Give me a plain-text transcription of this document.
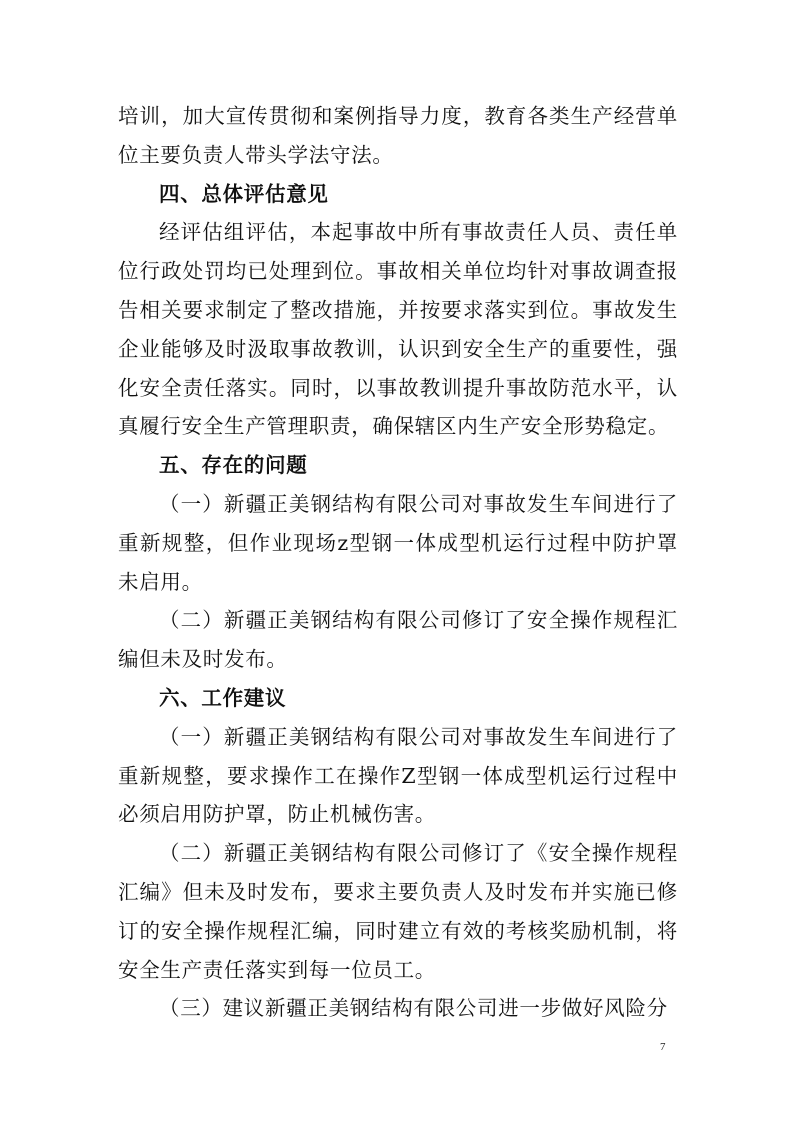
培训，加大宣传贯彻和案例指导力度，教育各类生产经营单位主要负责人带头学法守法。

四、总体评估意见

经评估组评估，本起事故中所有事故责任人员、责任单位行政处罚均已处理到位。事故相关单位均针对事故调查报告相关要求制定了整改措施，并按要求落实到位。事故发生企业能够及时汲取事故教训，认识到安全生产的重要性，强化安全责任落实。同时，以事故教训提升事故防范水平，认真履行安全生产管理职责，确保辖区内生产安全形势稳定。

五、存在的问题

（一）新疆正美钢结构有限公司对事故发生车间进行了重新规整，但作业现场z型钢一体成型机运行过程中防护罩未启用。

（二）新疆正美钢结构有限公司修订了安全操作规程汇编但未及时发布。

六、工作建议

（一）新疆正美钢结构有限公司对事故发生车间进行了重新规整，要求操作工在操作Z型钢一体成型机运行过程中必须启用防护罩，防止机械伤害。

（二）新疆正美钢结构有限公司修订了《安全操作规程汇编》但未及时发布，要求主要负责人及时发布并实施已修订的安全操作规程汇编，同时建立有效的考核奖励机制，将安全生产责任落实到每一位员工。

（三）建议新疆正美钢结构有限公司进一步做好风险分

7
